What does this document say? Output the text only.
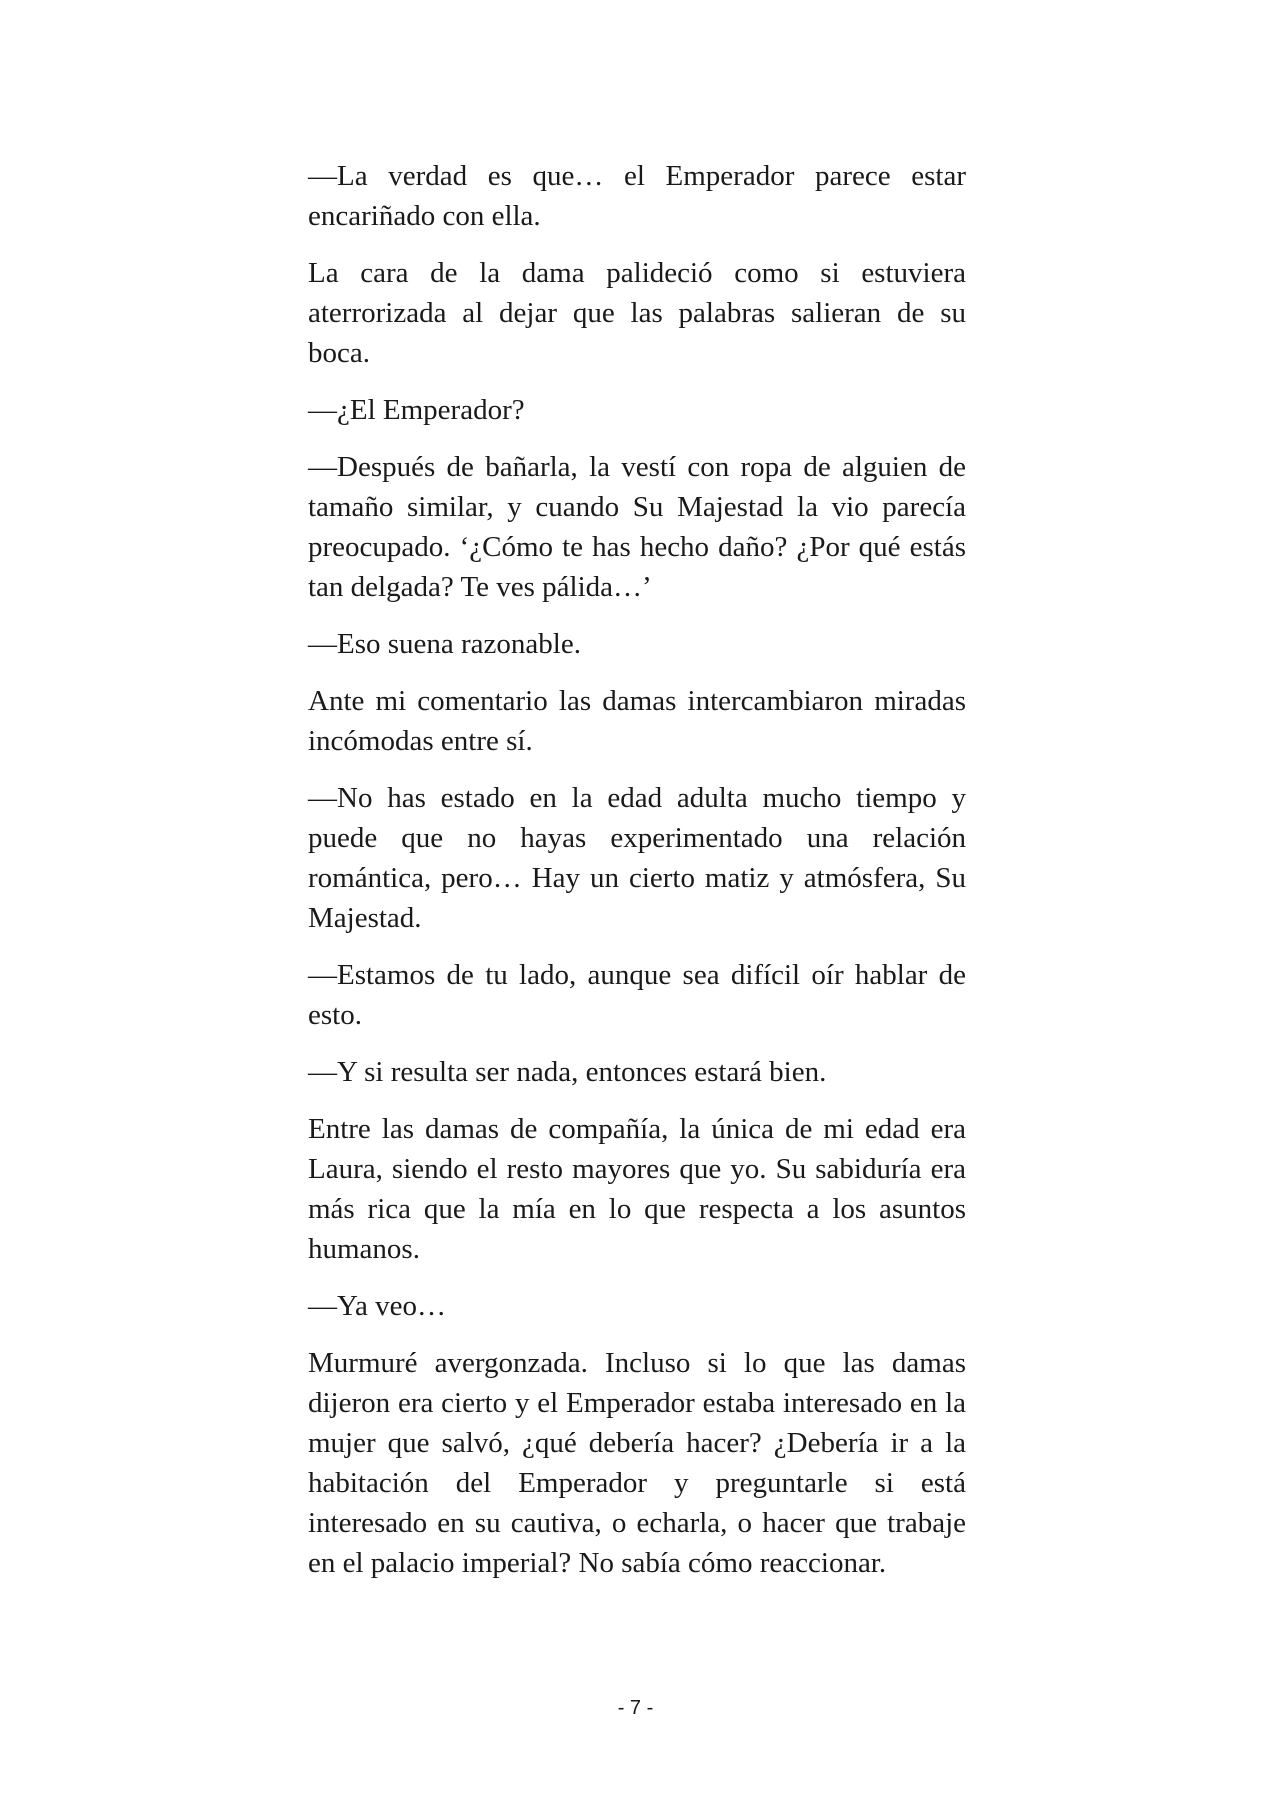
—La verdad es que… el Emperador parece estar encariñado con ella.

La cara de la dama palideció como si estuviera aterrorizada al dejar que las palabras salieran de su boca.

—¿El Emperador?

—Después de bañarla, la vestí con ropa de alguien de tamaño similar, y cuando Su Majestad la vio parecía preocupado. ‘¿Cómo te has hecho daño? ¿Por qué estás tan delgada? Te ves pálida…’

—Eso suena razonable.

Ante mi comentario las damas intercambiaron miradas incómodas entre sí.

—No has estado en la edad adulta mucho tiempo y puede que no hayas experimentado una relación romántica, pero… Hay un cierto matiz y atmósfera, Su Majestad.

—Estamos de tu lado, aunque sea difícil oír hablar de esto.

—Y si resulta ser nada, entonces estará bien.

Entre las damas de compañía, la única de mi edad era Laura, siendo el resto mayores que yo. Su sabiduría era más rica que la mía en lo que respecta a los asuntos humanos.

—Ya veo…

Murmuré avergonzada. Incluso si lo que las damas dijeron era cierto y el Emperador estaba interesado en la mujer que salvó, ¿qué debería hacer? ¿Debería ir a la habitación del Emperador y preguntarle si está interesado en su cautiva, o echarla, o hacer que trabaje en el palacio imperial? No sabía cómo reaccionar.

- 7 -
